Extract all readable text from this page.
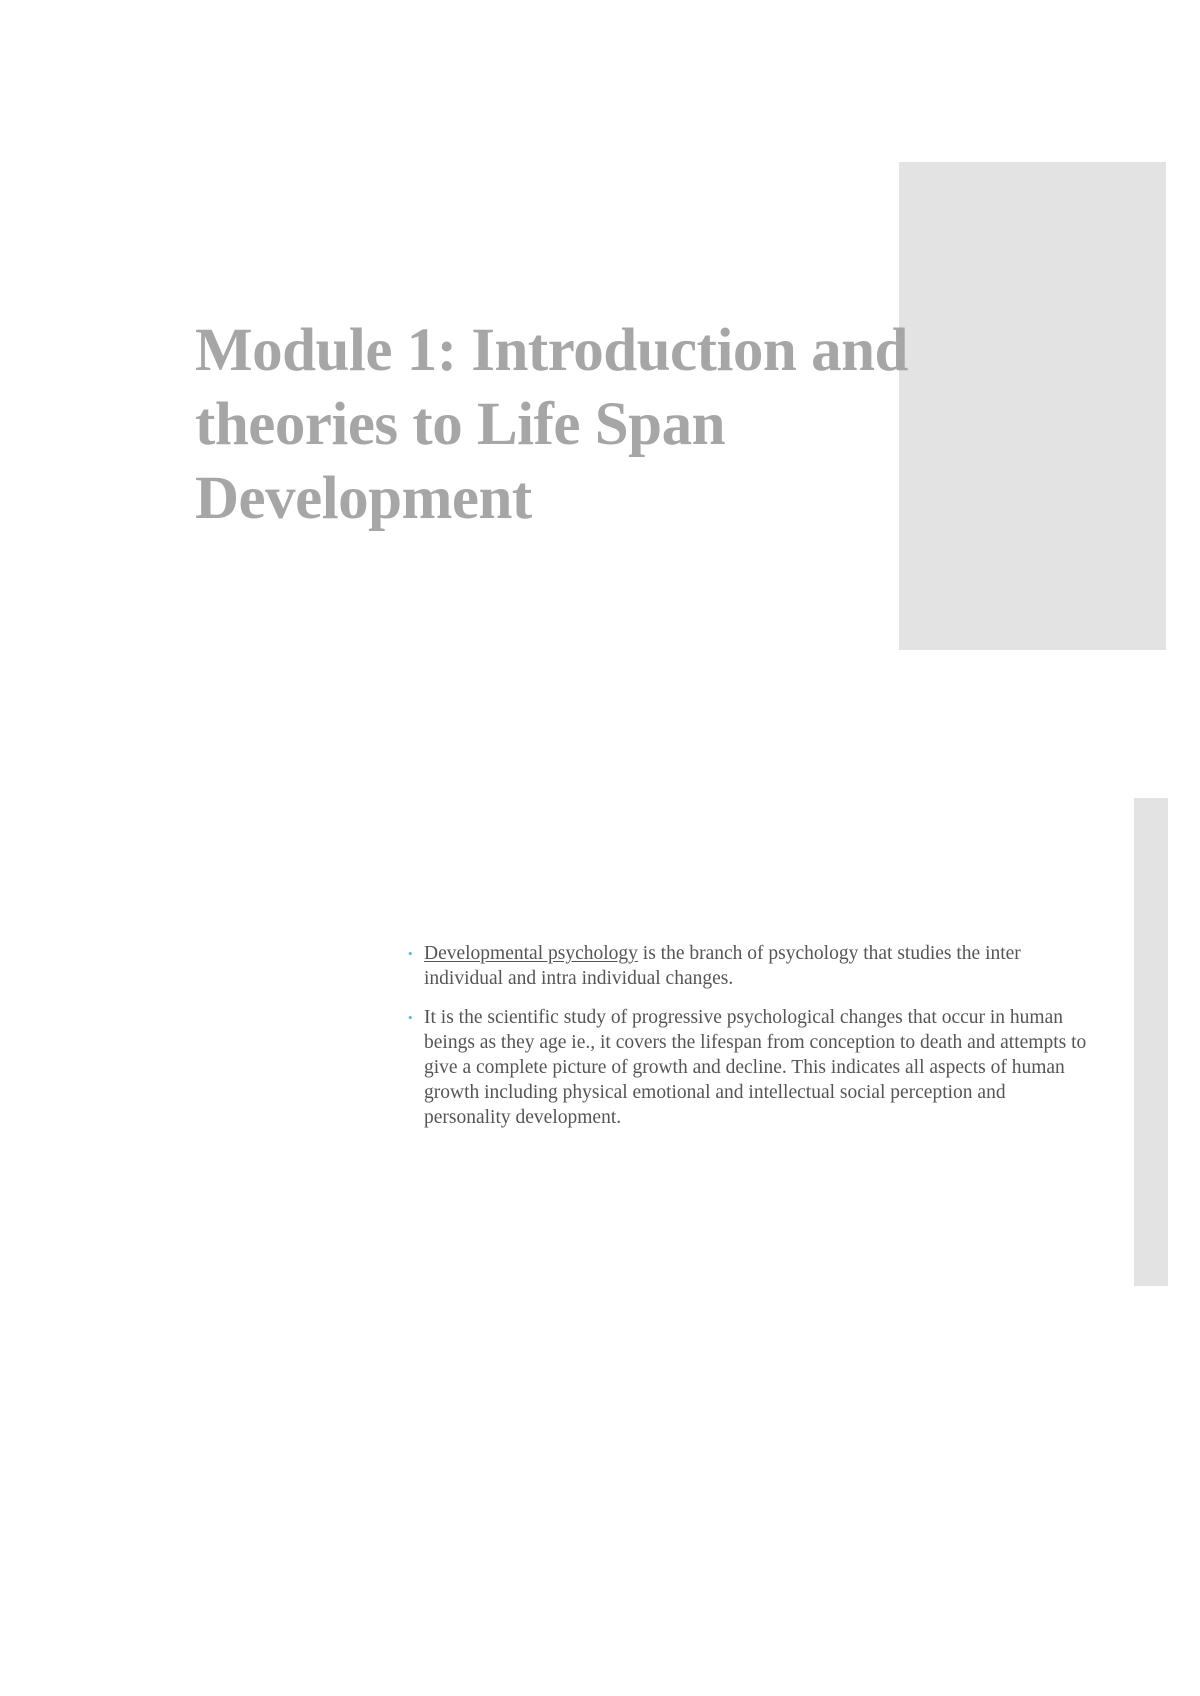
Module 1: Introduction and theories to Life Span Development
• Developmental psychology is the branch of psychology that studies the inter individual and intra individual changes.
• It is the scientific study of progressive psychological changes that occur in human beings as they age ie., it covers the lifespan from conception to death and attempts to give a complete picture of growth and decline. This indicates all aspects of human growth including physical emotional and intellectual social perception and personality development.
